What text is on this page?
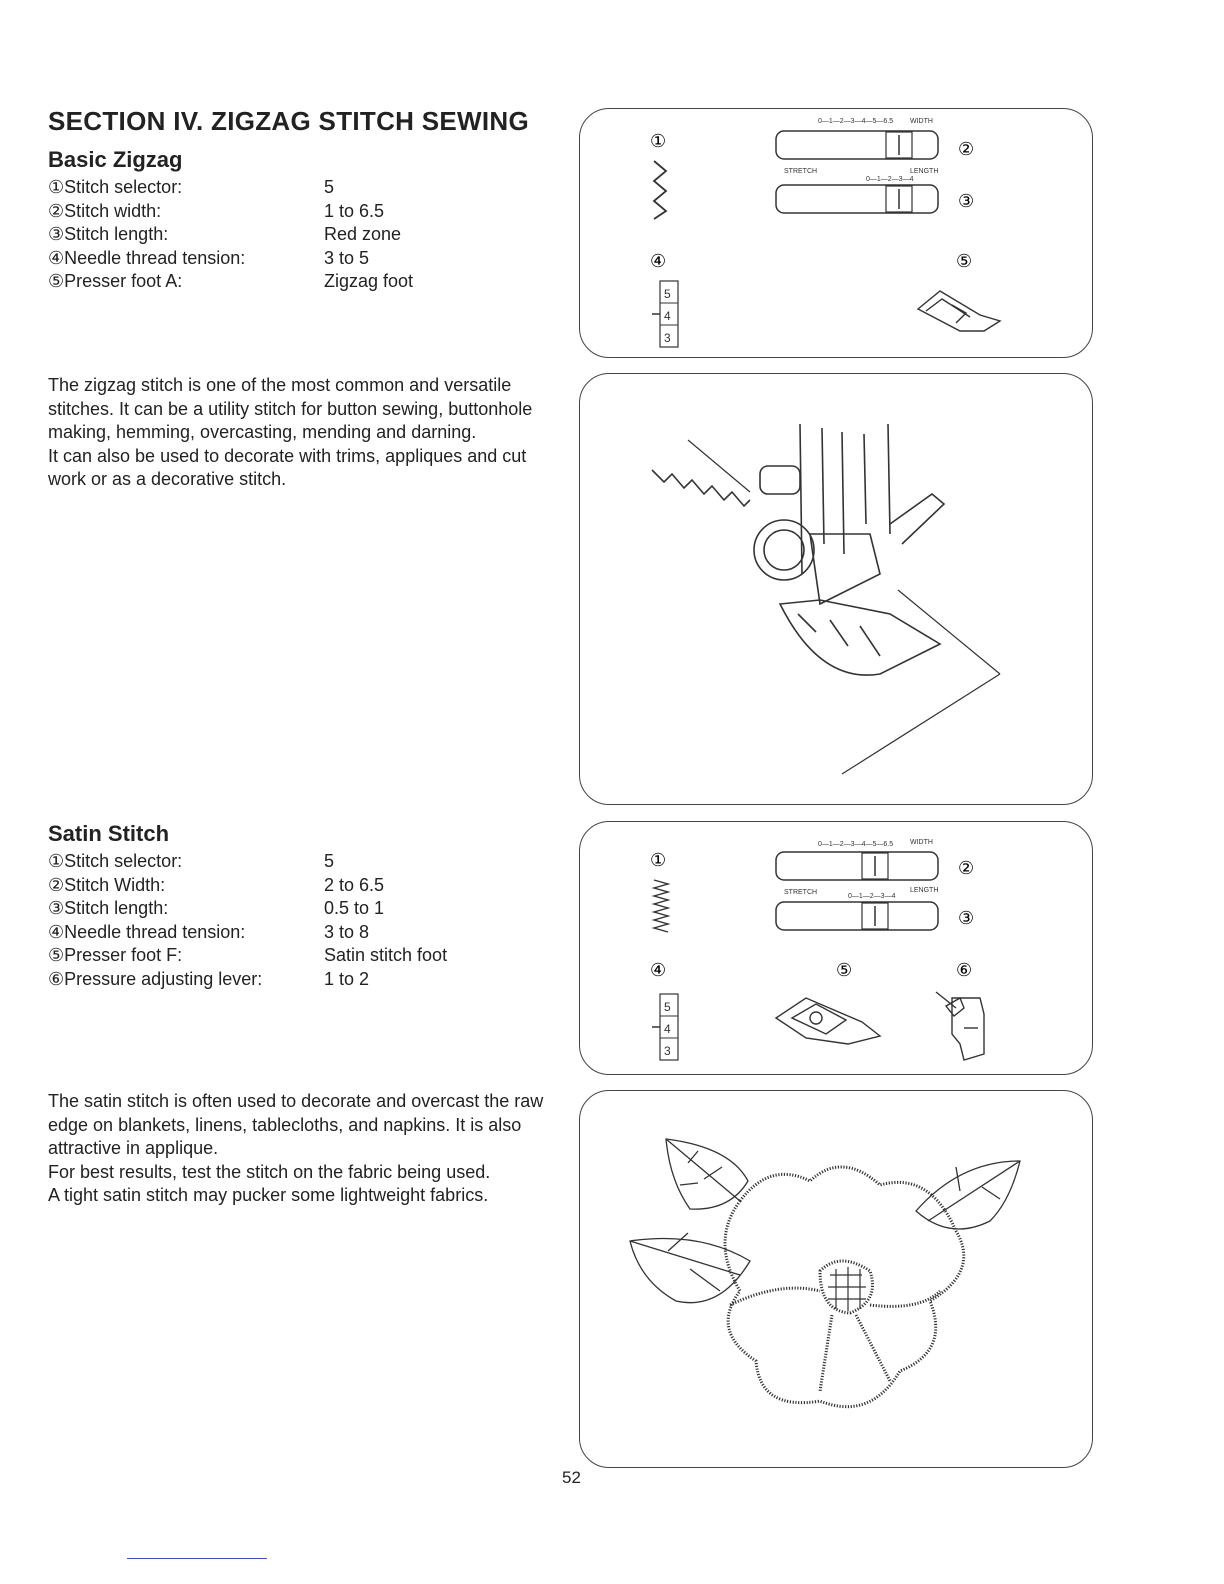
SECTION IV. ZIGZAG STITCH SEWING
Basic Zigzag
①Stitch selector:	5
②Stitch width:	1 to 6.5
③Stitch length:	Red zone
④Needle thread tension:	3 to 5
⑤Presser foot A:	Zigzag foot

The zigzag stitch is one of the most common and versatile stitches. It can be a utility stitch for button sewing, buttonhole making, hemming, overcasting, mending and darning.

It can also be used to decorate with trims, appliques and cut work or as a decorative stitch.

Satin Stitch
①Stitch selector:	5
②Stitch Width:	2 to 6.5
③Stitch length:	0.5 to 1
④Needle thread tension:	3 to 8
⑤Presser foot F:	Satin stitch foot
⑥Pressure adjusting lever:	1 to 2

The satin stitch is often used to decorate and overcast the raw edge on blankets, linens, tablecloths, and napkins. It is also attractive in applique.

For best results, test the stitch on the fabric being used.

A tight satin stitch may pucker some lightweight fabrics.

①
0—1—2—3—4—5—6.5 WIDTH
②
STRETCH	LENGTH
0—1—2—3—4
③
④	⑤
5
4
3
①
0—1—2—3—4—5—6.5 WIDTH
②
STRETCH	LENGTH
0—1—2—3—4
③
④	⑤	⑥
5
4
3
52
